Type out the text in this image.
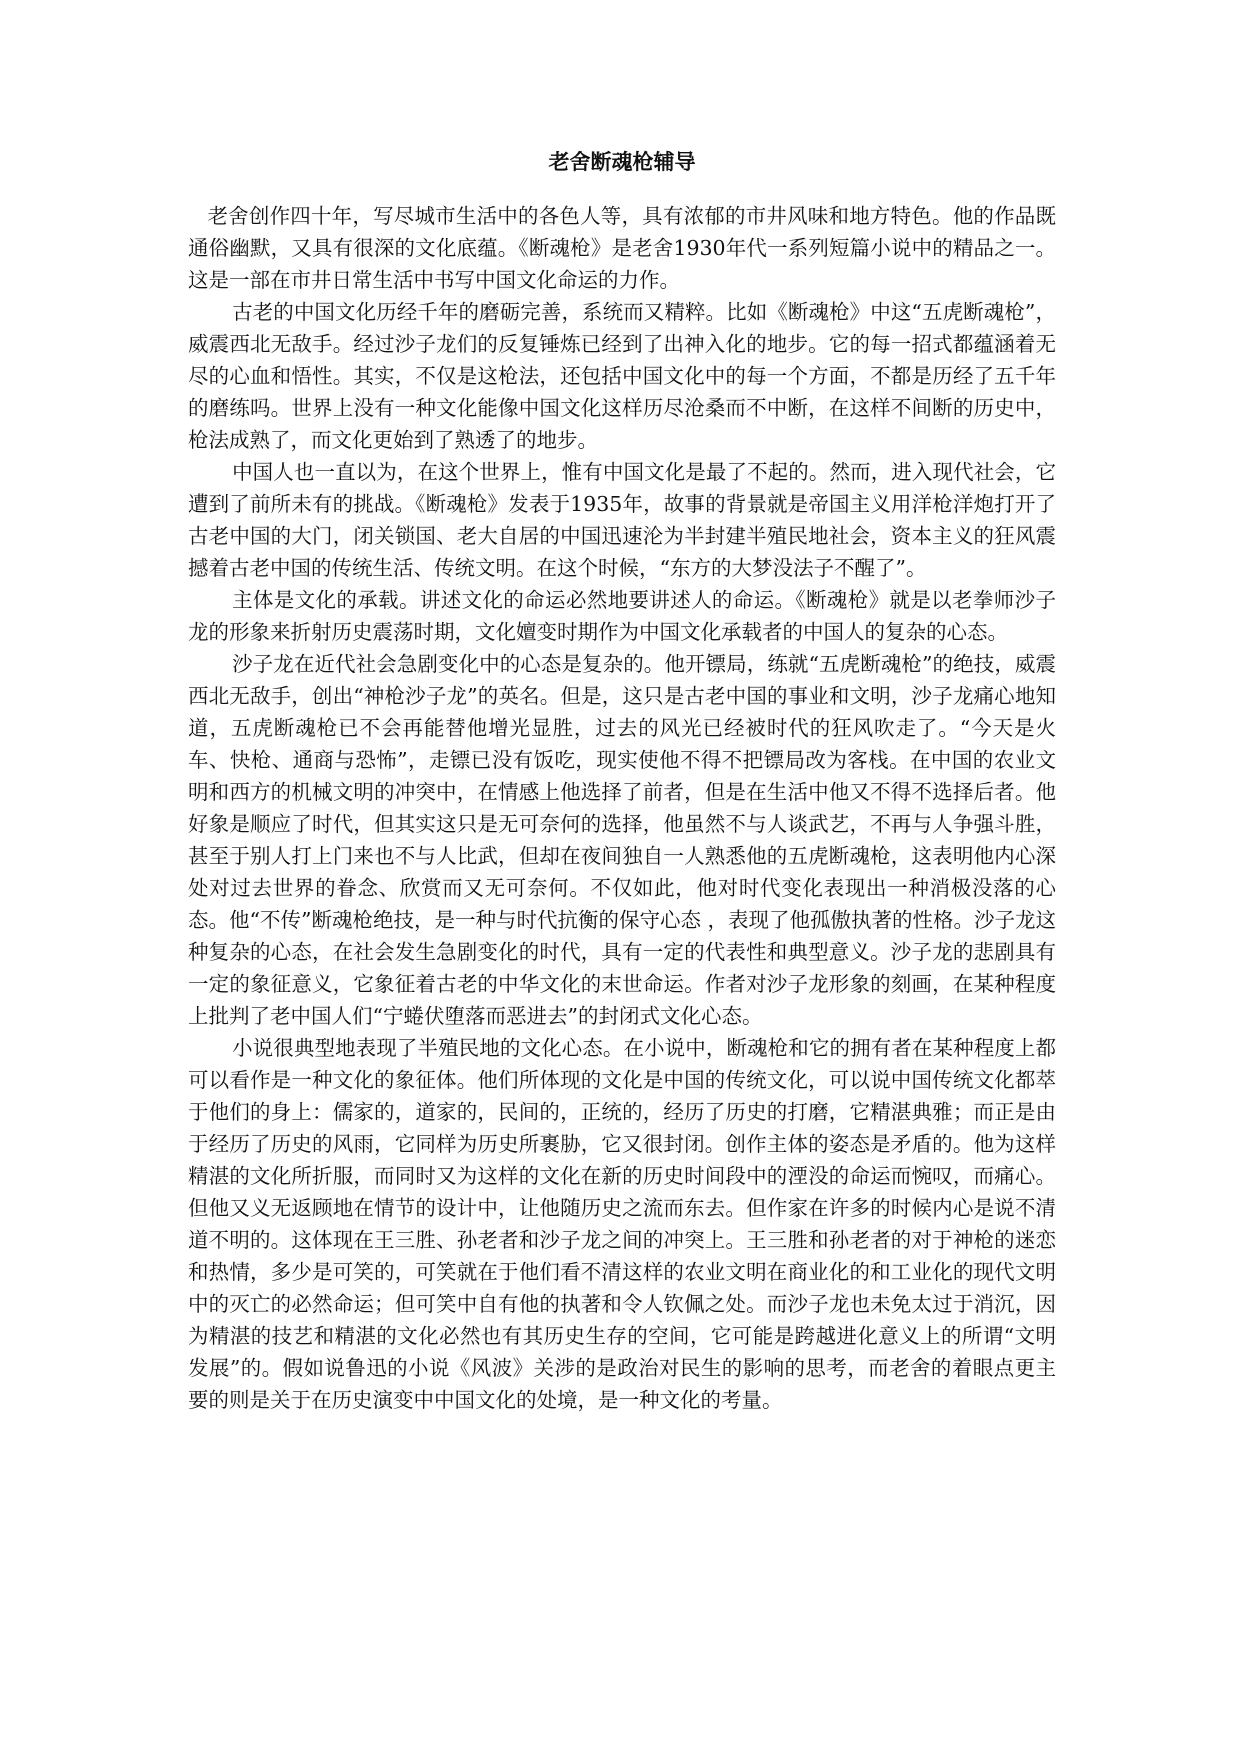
老舍断魂枪辅导

老舍创作四十年，写尽城市生活中的各色人等，具有浓郁的市井风味和地方特色。他的作品既通俗幽默，又具有很深的文化底蕴。《断魂枪》是老舍1930年代一系列短篇小说中的精品之一。这是一部在市井日常生活中书写中国文化命运的力作。

古老的中国文化历经千年的磨砺完善，系统而又精粹。比如《断魂枪》中这“五虎断魂枪”， 威震西北无敌手。经过沙子龙们的反复锤炼已经到了出神入化的地步。它的每一招式都蕴涵着无尽的心血和悟性。其实，不仅是这枪法，还包括中国文化中的每一个方面，不都是历经了五千年的磨练吗。世界上没有一种文化能像中国文化这样历尽沧桑而不中断，在这样不间断的历史中，枪法成熟了，而文化更始到了熟透了的地步。

中国人也一直以为，在这个世界上，惟有中国文化是最了不起的。然而，进入现代社会，它遭到了前所未有的挑战。《断魂枪》发表于1935年，故事的背景就是帝国主义用洋枪洋炮打开了古老中国的大门，闭关锁国、老大自居的中国迅速沦为半封建半殖民地社会，资本主义的狂风震撼着古老中国的传统生活、传统文明。在这个时候，“东方的大梦没法子不醒了”。

主体是文化的承载。讲述文化的命运必然地要讲述人的命运。《断魂枪》就是以老拳师沙子龙的形象来折射历史震荡时期，文化嬗变时期作为中国文化承载者的中国人的复杂的心态。

沙子龙在近代社会急剧变化中的心态是复杂的。他开镖局，练就“五虎断魂枪”的绝技，威震西北无敌手，创出“神枪沙子龙”的英名。但是，这只是古老中国的事业和文明，沙子龙痛心地知道，五虎断魂枪已不会再能替他增光显胜，过去的风光已经被时代的狂风吹走了。“今天是火车、快枪、通商与恐怖”，走镖已没有饭吃，现实使他不得不把镖局改为客栈。在中国的农业文明和西方的机械文明的冲突中，在情感上他选择了前者，但是在生活中他又不得不选择后者。他好象是顺应了时代，但其实这只是无可奈何的选择，他虽然不与人谈武艺，不再与人争强斗胜，甚至于别人打上门来也不与人比武，但却在夜间独自一人熟悉他的五虎断魂枪，这表明他内心深处对过去世界的眷念、欣赏而又无可奈何。不仅如此，他对时代变化表现出一种消极没落的心态。他“不传”断魂枪绝技，是一种与时代抗衡的保守心态 ，表现了他孤傲执著的性格。沙子龙这种复杂的心态，在社会发生急剧变化的时代，具有一定的代表性和典型意义。沙子龙的悲剧具有一定的象征意义，它象征着古老的中华文化的末世命运。作者对沙子龙形象的刻画，在某种程度上批判了老中国人们“宁蜷伏堕落而恶进去”的封闭式文化心态。

小说很典型地表现了半殖民地的文化心态。在小说中，断魂枪和它的拥有者在某种程度上都可以看作是一种文化的象征体。他们所体现的文化是中国的传统文化，可以说中国传统文化都萃于他们的身上：儒家的，道家的，民间的，正统的，经历了历史的打磨，它精湛典雅；而正是由于经历了历史的风雨，它同样为历史所裹胁，它又很封闭。创作主体的姿态是矛盾的。他为这样精湛的文化所折服，而同时又为这样的文化在新的历史时间段中的湮没的命运而惋叹，而痛心。但他又义无返顾地在情节的设计中，让他随历史之流而东去。但作家在许多的时候内心是说不清道不明的。这体现在王三胜、孙老者和沙子龙之间的冲突上。王三胜和孙老者的对于神枪的迷恋和热情，多少是可笑的，可笑就在于他们看不清这样的农业文明在商业化的和工业化的现代文明中的灭亡的必然命运；但可笑中自有他的执著和令人钦佩之处。而沙子龙也未免太过于消沉，因为精湛的技艺和精湛的文化必然也有其历史生存的空间，它可能是跨越进化意义上的所谓“文明发展”的。假如说鲁迅的小说《风波》关涉的是政治对民生的影响的思考，而老舍的着眼点更主要的则是关于在历史演变中中国文化的处境，是一种文化的考量。
